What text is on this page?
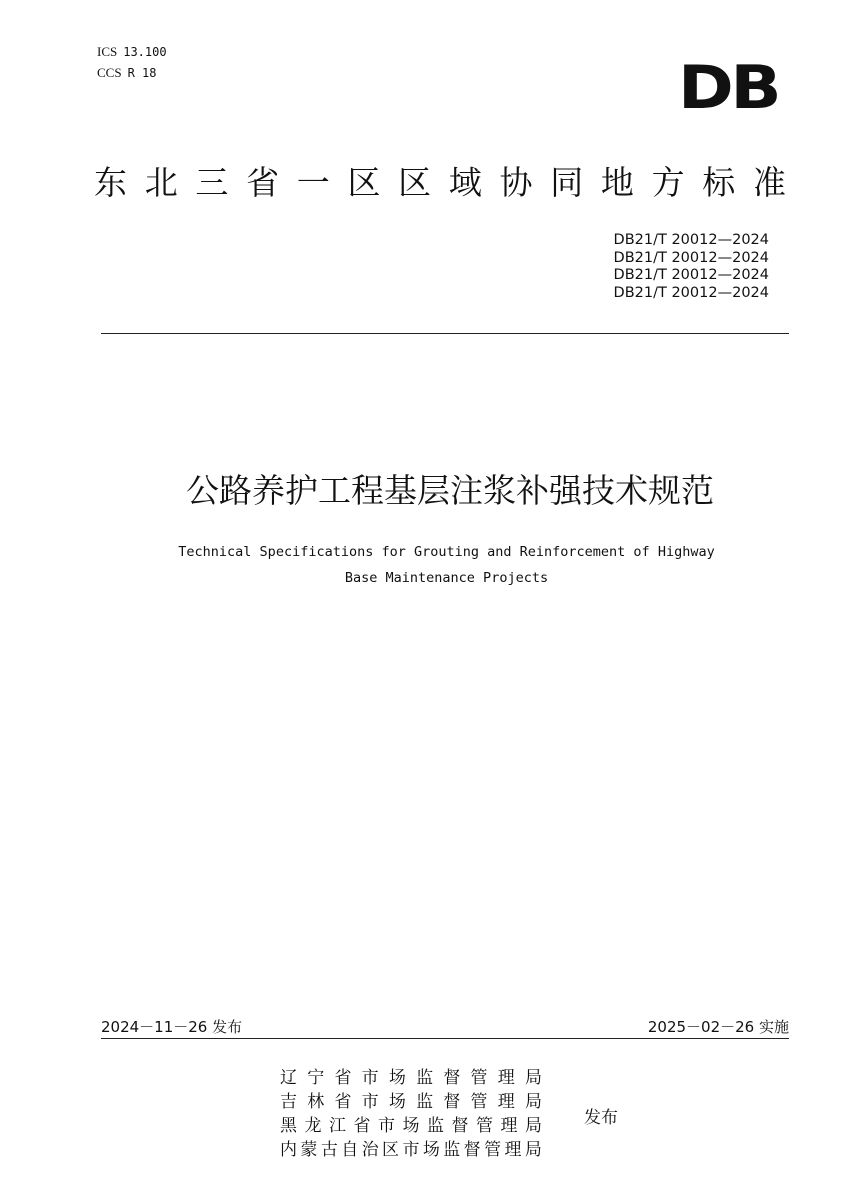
ICS 13.100
CCS R 18	DB
东 北 三 省 一 区 区 域 协 同 地 方 标 准
DB21/T 20012—2024
DB21/T 20012—2024
DB21/T 20012—2024
DB21/T 20012—2024
公路养护工程基层注浆补强技术规范
Technical Specifications for Grouting and Reinforcement of Highway
Base Maintenance Projects
2024－11－26 发布	2025－02－26 实施
辽 宁 省 市 场 监 督 管 理 局
吉 林 省 市 场 监 督 管 理 局
黑 龙 江 省 市 场 监 督 管 理 局
内 蒙 古 自 治 区 市 场 监 督 管 理 局
发布
